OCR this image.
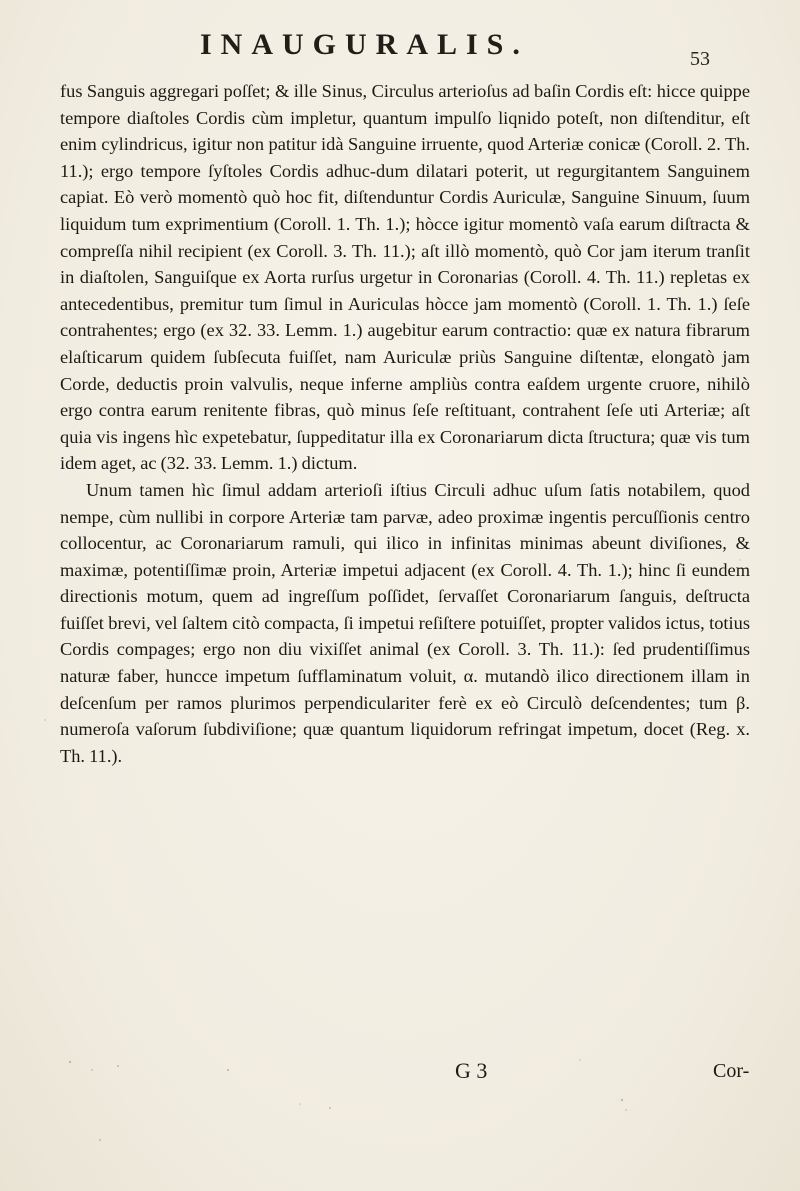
INAUGURALIS.	53

fus Sanguis aggregari poſſet; & ille Sinus, Circulus arterioſus ad baſin Cordis eſt: hicce quippe tempore diaſtoles Cordis cùm impletur, quantum impulſo liqnido poteſt, non diſtenditur, eſt enim cylindricus, igitur non patitur idà Sanguine irruente, quod Arteriæ conicæ (Coroll. 2. Th. 11.); ergo tempore ſyſtoles Cordis adhuc-dum dilatari poterit, ut regurgitantem Sanguinem capiat. Eò verò momentò quò hoc fit, diſtenduntur Cordis Auriculæ, Sanguine Sinuum, ſuum liquidum tum exprimentium (Coroll. 1. Th. 1.); hòcce igitur momentò vaſa earum diſtracta & compreſſa nihil recipient (ex Coroll. 3. Th. 11.); aſt illò momentò, quò Cor jam iterum tranſit in diaſtolen, Sanguiſque ex Aorta rurſus urgetur in Coronarias (Coroll. 4. Th. 11.) repletas ex antecedentibus, premitur tum ſimul in Auriculas hòcce jam momentò (Coroll. 1. Th. 1.) ſeſe contrahentes; ergo (ex 32. 33. Lemm. 1.) augebitur earum contractio: quæ ex natura fibrarum elaſticarum quidem ſubſecuta fuiſſet, nam Auriculæ priùs Sanguine diſtentæ, elongatò jam Corde, deductis proin valvulis, neque inferne ampliùs contra eaſdem urgente cruore, nihilò ergo contra earum renitente fibras, quò minus ſeſe reſtituant, contrahent ſeſe uti Arteriæ; aſt quia vis ingens hìc expetebatur, ſuppeditatur illa ex Coronariarum dicta ſtructura; quæ vis tum idem aget, ac (32. 33. Lemm. 1.) dictum.

Unum tamen hìc ſimul addam arterioſi iſtius Circuli adhuc uſum ſatis notabilem, quod nempe, cùm nullibi in corpore Arteriæ tam parvæ, adeo proximæ ingentis percuſſionis centro collocentur, ac Coronariarum ramuli, qui ilico in infinitas minimas abeunt diviſiones, & maximæ, potentiſſimæ proin, Arteriæ impetui adjacent (ex Coroll. 4. Th. 1.); hinc ſi eundem directionis motum, quem ad ingreſſum poſſidet, ſervaſſet Coronariarum ſanguis, deſtructa fuiſſet brevi, vel ſaltem citò compacta, ſi impetui reſiſtere potuiſſet, propter validos ictus, totius Cordis compages; ergo non diu vixiſſet animal (ex Coroll. 3. Th. 11.): ſed prudentiſſimus naturæ faber, huncce impetum ſufflaminatum voluit, α. mutandò ilico directionem illam in deſcenſum per ramos plurimos perpendiculariter ferè ex eò Circulò deſcendentes; tum β. numeroſa vaſorum ſubdiviſione; quæ quantum liquidorum refringat impetum, docet (Reg. x. Th. 11.).

G 3	Cor-
